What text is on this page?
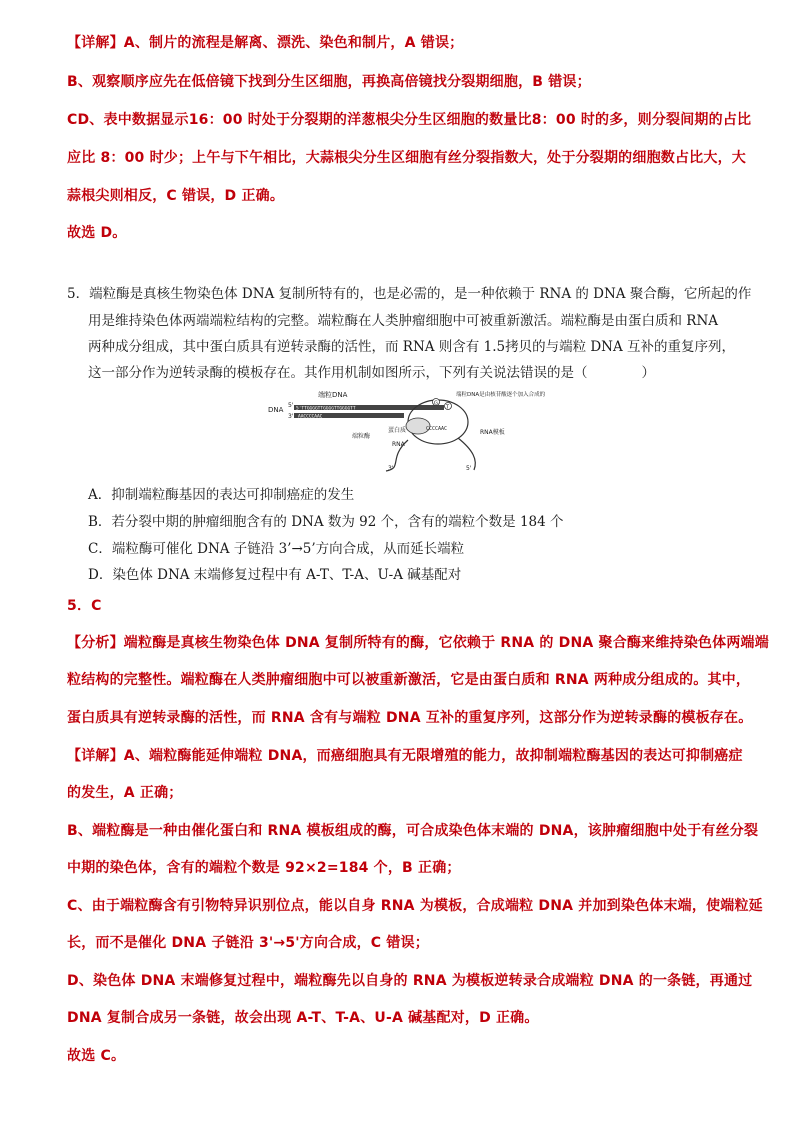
【详解】A、制片的流程是解离、漂洗、染色和制片，A 错误；
B、观察顺序应先在低倍镜下找到分生区细胞，再换高倍镜找分裂期细胞，B 错误；
CD、表中数据显示16：00 时处于分裂期的洋葱根尖分生区细胞的数量比8：00 时的多，则分裂间期的占比
应比 8：00 时少；上午与下午相比，大蒜根尖分生区细胞有丝分裂指数大，处于分裂期的细胞数占比大，大
蒜根尖则相反，C 错误，D 正确。
故选 D。
5．端粒酶是真核生物染色体 DNA 复制所特有的，也是必需的，是一种依赖于 RNA 的 DNA 聚合酶，它所起的作
用是维持染色体两端端粒结构的完整。端粒酶在人类肿瘤细胞中可被重新激活。端粒酶是由蛋白质和 RNA
两种成分组成，其中蛋白质具有逆转录酶的活性，而 RNA 则含有 1.5拷贝的与端粒 DNA 互补的重复序列，
这一部分作为逆转录酶的模板存在。其作用机制如图所示，下列有关说法错误的是（　　　　）
端粒DNA
DNA
5'
3'
5'TTGGGGTTGGGGTTGGGGTT
AACCCCAAC
CCCCAAC
3'	5'
G
T
端粒DNA是由核苷酸逐个加入合成的
蛋白质
端粒酶
RNA
RNA模板
A．抑制端粒酶基因的表达可抑制癌症的发生
B．若分裂中期的肿瘤细胞含有的 DNA 数为 92 个，含有的端粒个数是 184 个
C．端粒酶可催化 DNA 子链沿 3’→5’方向合成，从而延长端粒
D．染色体 DNA 末端修复过程中有 A-T、T-A、U-A 碱基配对
5．C
【分析】端粒酶是真核生物染色体 DNA 复制所特有的酶，它依赖于 RNA 的 DNA 聚合酶来维持染色体两端端
粒结构的完整性。端粒酶在人类肿瘤细胞中可以被重新激活，它是由蛋白质和 RNA 两种成分组成的。其中，
蛋白质具有逆转录酶的活性，而 RNA 含有与端粒 DNA 互补的重复序列，这部分作为逆转录酶的模板存在。
【详解】A、端粒酶能延伸端粒 DNA，而癌细胞具有无限增殖的能力，故抑制端粒酶基因的表达可抑制癌症
的发生，A 正确；
B、端粒酶是一种由催化蛋白和 RNA 模板组成的酶，可合成染色体末端的 DNA，该肿瘤细胞中处于有丝分裂
中期的染色体，含有的端粒个数是 92×2=184 个，B 正确；
C、由于端粒酶含有引物特异识别位点，能以自身 RNA 为模板，合成端粒 DNA 并加到染色体末端，使端粒延
长，而不是催化 DNA 子链沿 3'→5'方向合成，C 错误；
D、染色体 DNA 末端修复过程中，端粒酶先以自身的 RNA 为模板逆转录合成端粒 DNA 的一条链，再通过
DNA 复制合成另一条链，故会出现 A-T、T-A、U-A 碱基配对，D 正确。
故选 C。
